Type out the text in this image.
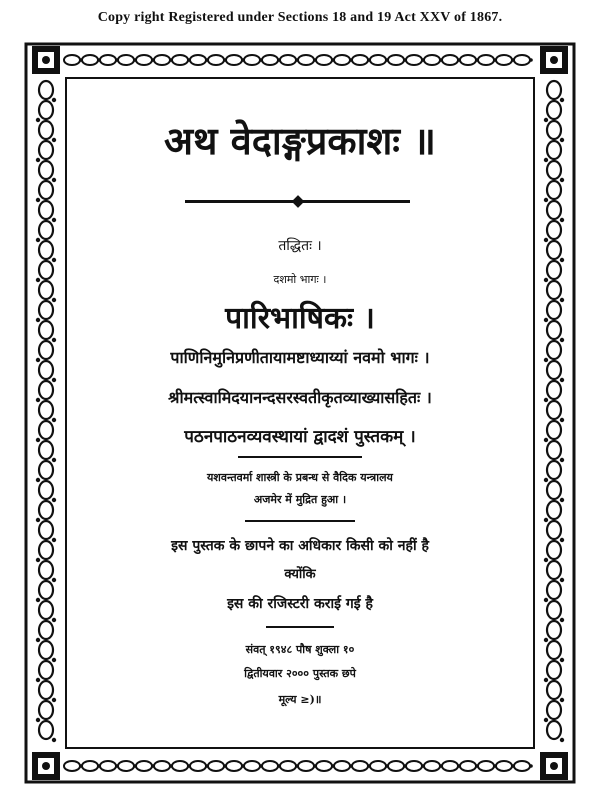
Copy right Registered under Sections 18 and 19 Act XXV of 1867.
अथ वेदाङ्गप्रकाशः ॥
तद्धितः ।
दशमो भागः ।
पारिभाषिकः ।
पाणिनिमुनिप्रणीतायामष्टाध्याय्यां नवमो भागः ।
श्रीमत्स्वामिदयानन्दसरस्वतीकृतव्याख्यासहितः ।
पठनपाठनव्यवस्थायां द्वादशं पुस्तकम् ।
यशवन्तवर्मा शास्त्री के प्रबन्ध से वैदिक यन्त्रालय
अजमेर में मुद्रित हुआ ।
इस पुस्तक के छापने का अधिकार किसी को नहीं है
क्योंकि
इस की रजिस्टरी कराई गई है
संवत् १९४८ पौष शुक्ला १०
द्वितीयवार २००० पुस्तक छपे
मूल्य ≥)॥
